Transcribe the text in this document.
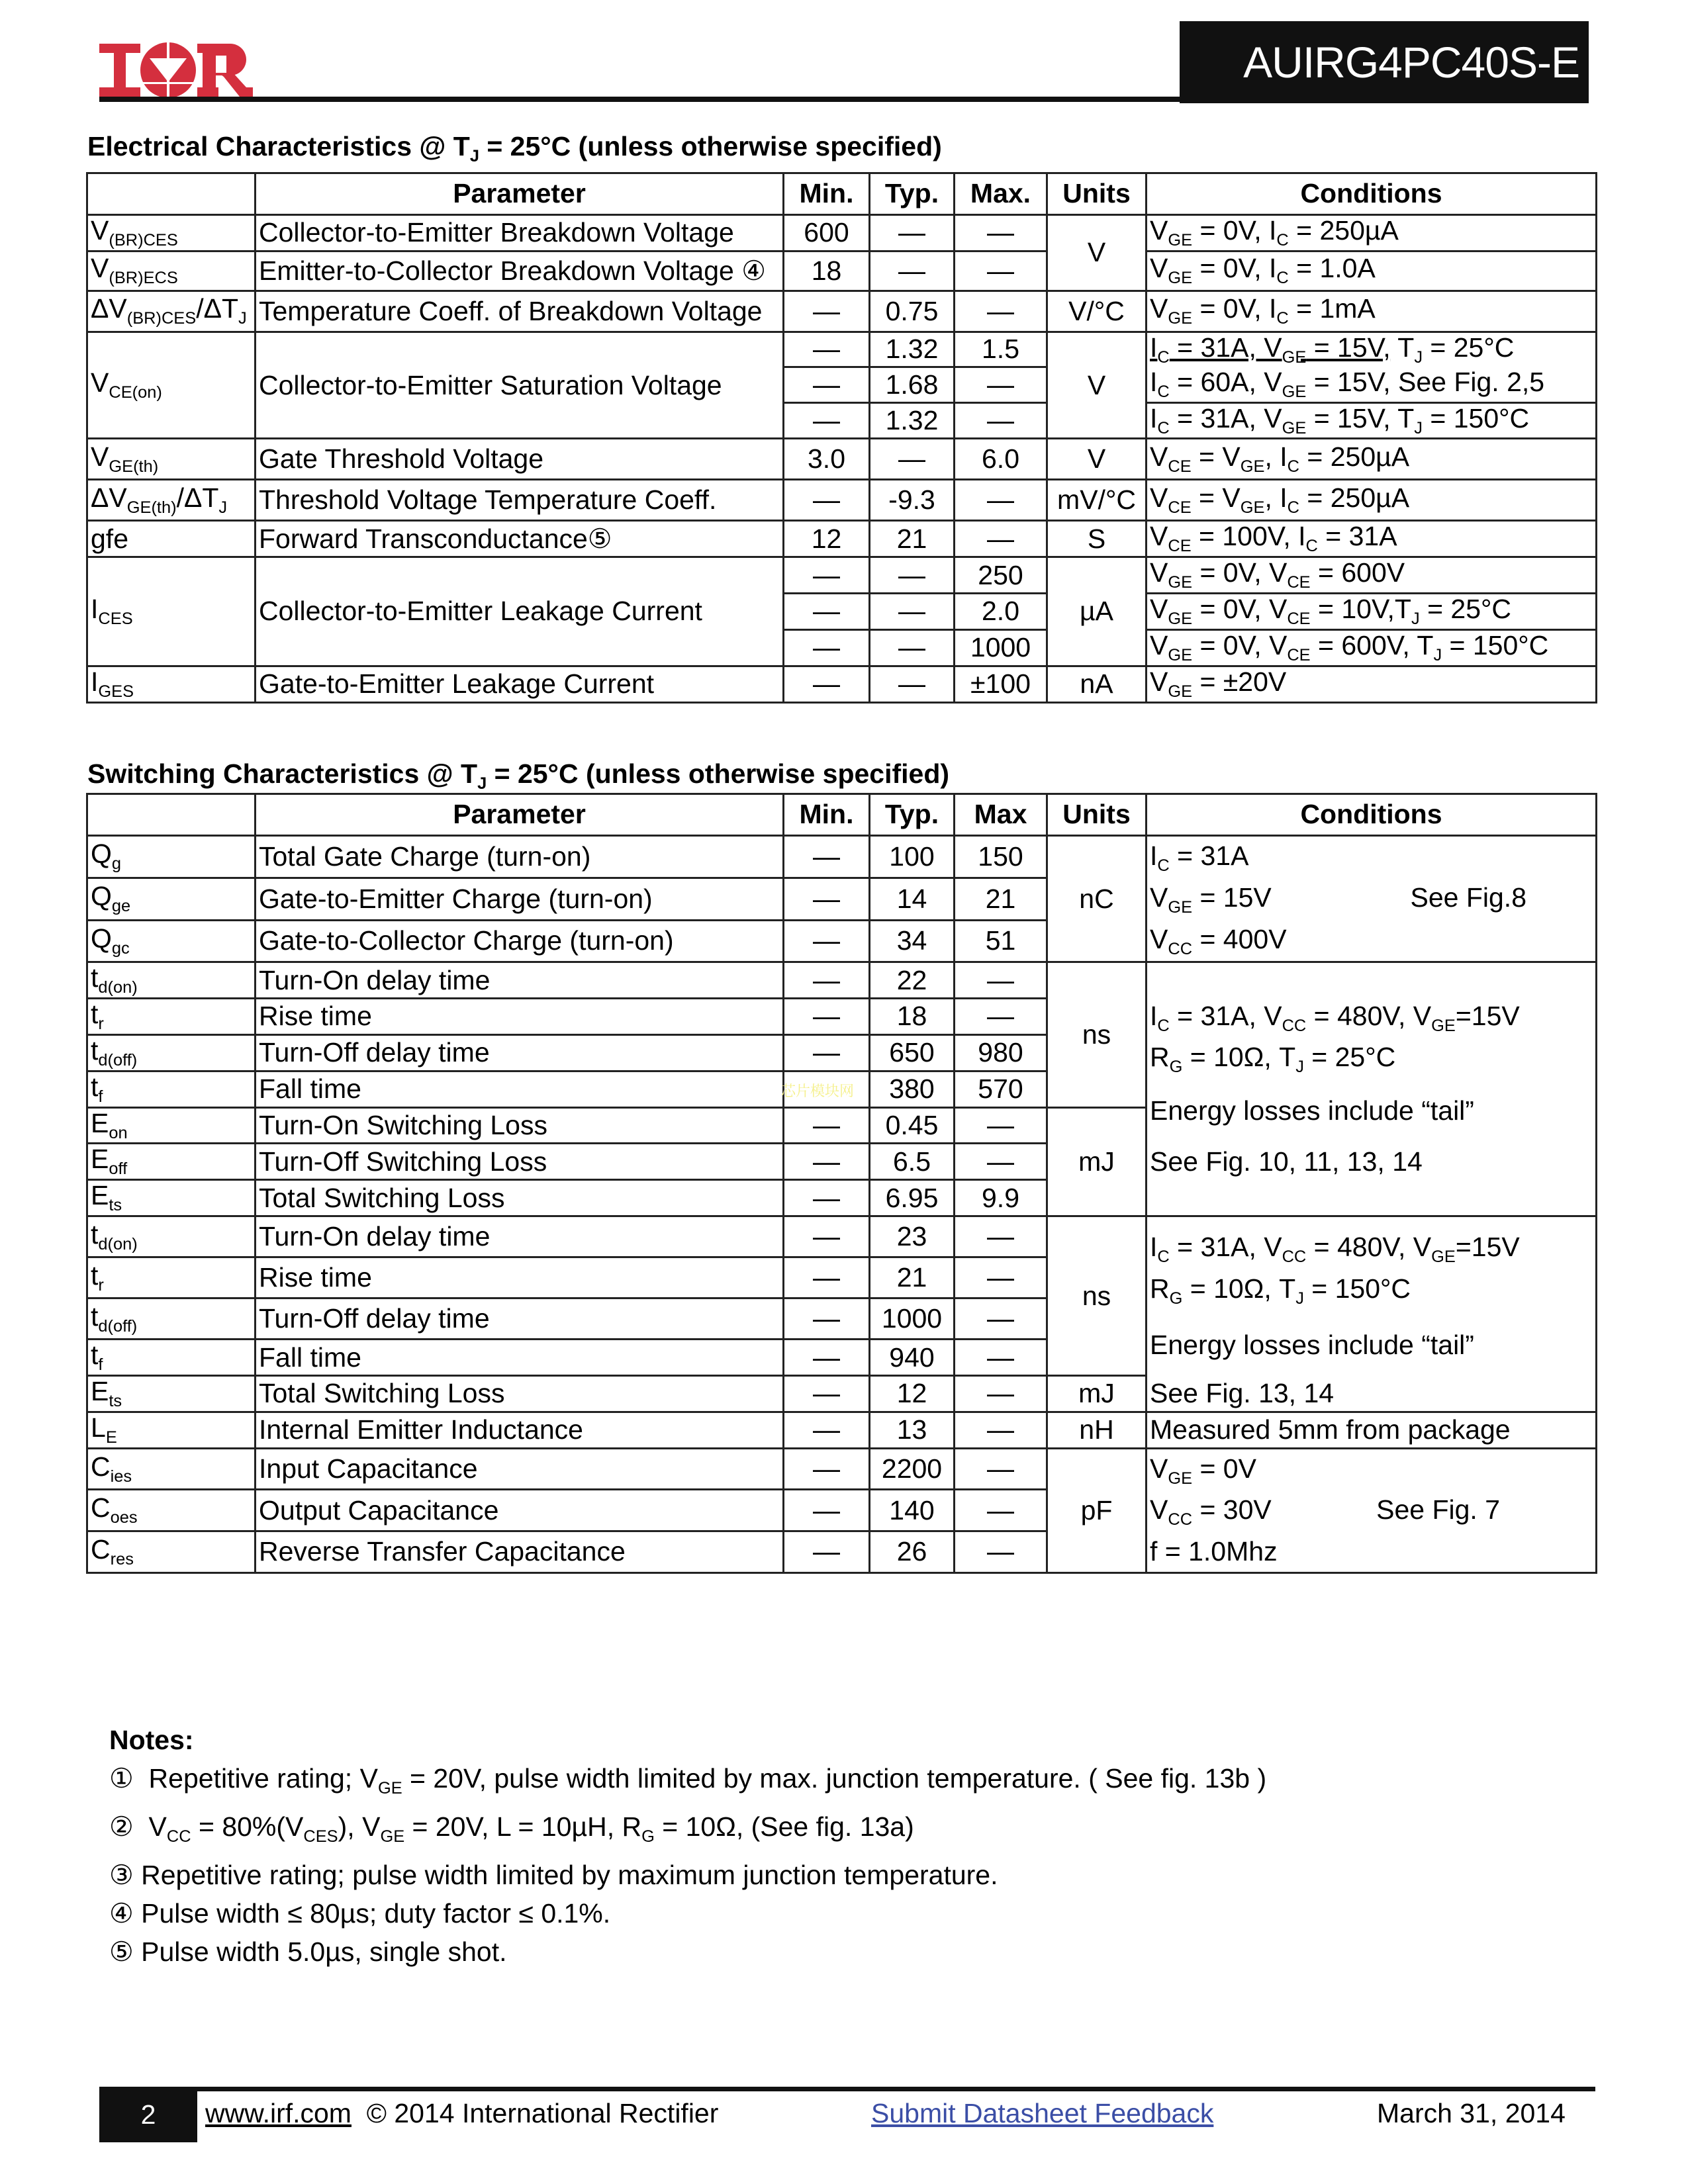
AUIRG4PC40S-E
Electrical Characteristics @ $T_J = 25^\circ C$ (unless otherwise specified)
	Parameter	Min.	Typ.	Max.	Units	Conditions
$V_{(BR)CES}$	Collector-to-Emitter Breakdown Voltage	600	—	—	V	$V_{GE} = 0V$, $I_C = 250\mu A$
$V_{(BR)ECS}$	Emitter-to-Collector Breakdown Voltage ④	18	—	—		$V_{GE} = 0V$, $I_C = 1.0A$
$\Delta V_{(BR)CES}/\Delta T_J$	Temperature Coeff. of Breakdown Voltage	—	0.75	—	V/°C	$V_{GE} = 0V$, $I_C = 1mA$
$V_{CE(on)}$	Collector-to-Emitter Saturation Voltage	—	1.32	1.5	V	$I_C = 31A$, $V_{GE} = 15V$, $T_J = 25^\circ C$
		—	1.68	—		$I_C = 60A$, $V_{GE} = 15V$, See Fig. 2,5
		—	1.32	—		$I_C = 31A$, $V_{GE} = 15V$, $T_J = 150^\circ C$
$V_{GE(th)}$	Gate Threshold Voltage	3.0	—	6.0	V	$V_{CE} = V_{GE}$, $I_C = 250\mu A$
$\Delta V_{GE(th)}/\Delta T_J$	Threshold Voltage Temperature Coeff.	—	-9.3	—	mV/°C	$V_{CE} = V_{GE}$, $I_C = 250\mu A$
gfe	Forward Transconductance⑤	12	21	—	S	$V_{CE} = 100V$, $I_C = 31A$
$I_{CES}$	Collector-to-Emitter Leakage Current	—	—	250	µA	$V_{GE} = 0V$, $V_{CE} = 600V$
		—	—	2.0		$V_{GE} = 0V$, $V_{CE} = 10V,T_J = 25^\circ C$
		—	—	1000		$V_{GE} = 0V$, $V_{CE} = 600V$, $T_J = 150^\circ C$
$I_{GES}$	Gate-to-Emitter Leakage Current	—	—	±100	nA	$V_{GE} = \pm 20V$
Switching Characteristics @ $T_J = 25^\circ C$ (unless otherwise specified)
	Parameter	Min.	Typ.	Max	Units	Conditions
$Q_g$	Total Gate Charge (turn-on)	—	100	150	nC	$I_C = 31A$
$V_{GE} = 15V$ See Fig.8
$V_{CC} = 400V$

$Q_{ge}$	Gate-to-Emitter Charge (turn-on)	—	14	21		
$Q_{gc}$	Gate-to-Collector Charge (turn-on)	—	34	51		
$t_{d(on)}$	Turn-On delay time	—	22	—	ns	$I_C = 31A$, $V_{CC} = 480V$, $V_{GE}=15V$
$R_G = 10\Omega$, $T_J = 25^\circ C$
Energy losses include “tail”
See Fig. 10, 11, 13, 14

$t_r$	Rise time	—	18	—		
$t_{d(off)}$	Turn-Off delay time	—	650	980		
$t_f$	Fall time		380	570		
$E_{on}$	Turn-On Switching Loss	—	0.45	—	mJ	
$E_{off}$	Turn-Off Switching Loss	—	6.5	—		
$E_{ts}$	Total Switching Loss	—	6.95	9.9		
$t_{d(on)}$	Turn-On delay time	—	23	—	ns	$I_C = 31A$, $V_{CC} = 480V$, $V_{GE}=15V$
$R_G = 10\Omega$, $T_J = 150^\circ C$
Energy losses include “tail”

$t_r$	Rise time	—	21	—		
$t_{d(off)}$	Turn-Off delay time	—	1000	—		
$t_f$	Fall time	—	940	—		
$E_{ts}$	Total Switching Loss	—	12	—	mJ	See Fig. 13, 14
$L_E$	Internal Emitter Inductance	—	13	—	nH	Measured 5mm from package
$C_{ies}$	Input Capacitance	—	2200	—	pF	$V_{GE} = 0V$
$V_{CC} = 30V$ See Fig. 7
f = 1.0Mhz

$C_{oes}$	Output Capacitance	—	140	—		
$C_{res}$	Reverse Transfer Capacitance	—	26	—		
芯片模块网
Notes:
①  Repetitive rating; $V_{GE} = 20V$, pulse width limited by max. junction temperature. ( See fig. 13b )
②  $V_{CC} = 80\%(V_{CES})$, $V_{GE} = 20V$, L = 10µH, $R_G = 10\Omega$, (See fig. 13a)
③ Repetitive rating; pulse width limited by maximum junction temperature.
④ Pulse width ≤ 80µs; duty factor ≤ 0.1%.
⑤ Pulse width 5.0µs, single shot.
2 www.irf.com © 2014 International Rectifier	Submit Datasheet Feedback	March 31, 2014
